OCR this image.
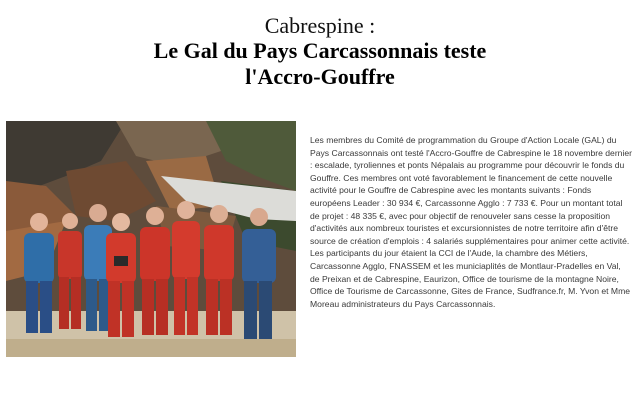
Cabrespine :
Le Gal du Pays Carcassonnais teste
l'Accro-Gouffre
Les membres du Comité de programmation du Groupe d'Action Locale (GAL) du Pays Carcassonnais ont testé l'Accro-Gouffre de Cabrespine le 18 novembre dernier : escalade, tyroliennes et ponts Népalais au programme pour découvrir le fonds du Gouffre. Ces membres ont voté favorablement le financement de cette nouvelle activité pour le Gouffre de Cabrespine avec les montants suivants : Fonds européens Leader : 30 934 €, Carcassonne Agglo : 7 733 €. Pour un montant total de projet : 48 335 €, avec pour objectif de renouveler sans cesse la proposition d'activités aux nombreux touristes et excursionnistes de notre territoire afin d'être source de création d'emplois : 4 salariés supplémentaires pour animer cette activité. Les participants du jour étaient la CCI de l'Aude, la chambre des Métiers, Carcassonne Agglo, FNASSEM et les municiaplités de Montlaur-Pradelles en Val, de Preixan et de Cabrespine, Eaurizon, Office de tourisme de la montagne Noire, Office de Tourisme de Carcassonne, Gites de France, Sudfrance.fr, M. Yvon et Mme Moreau administrateurs du Pays Carcassonnais.
